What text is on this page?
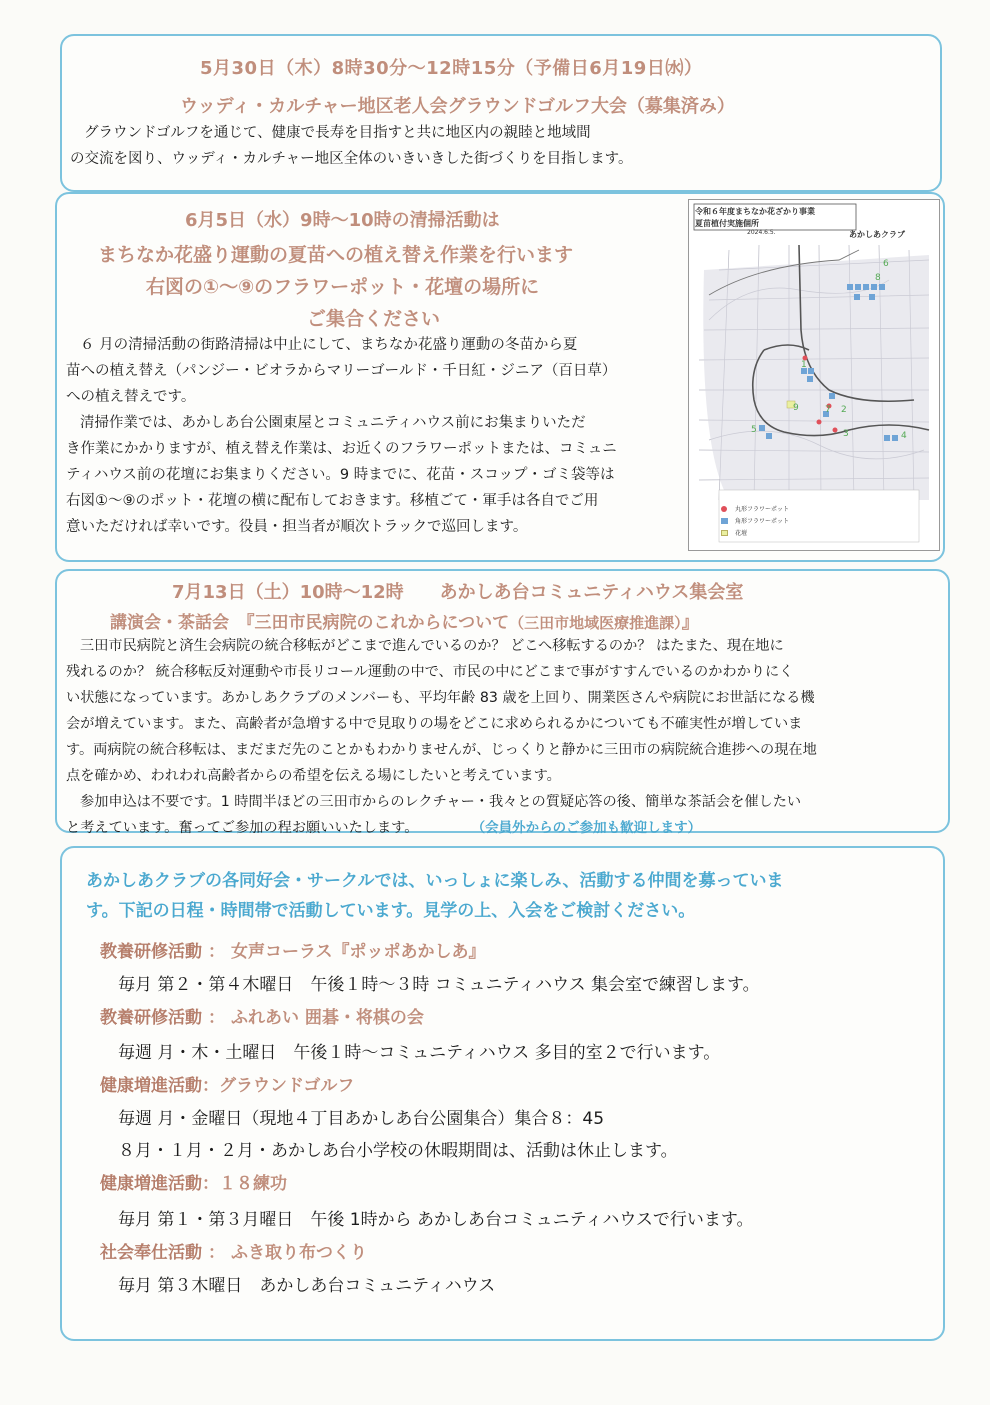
5月30日（木）8時30分〜12時15分（予備日6月19日㈬）
ウッディ・カルチャー地区老人会グラウンドゴルフ大会（募集済み）
グラウンドゴルフを通じて、健康で長寿を目指すと共に地区内の親睦と地域間
の交流を図り、ウッディ・カルチャー地区全体のいきいきした街づくりを目指します。
6月5日（水）9時〜10時の清掃活動は
まちなか花盛り運動の夏苗への植え替え作業を行います
右図の①〜⑨のフラワーポット・花壇の場所に
ご集合ください
６ 月の清掃活動の街路清掃は中止にして、まちなか花盛り運動の冬苗から夏
苗への植え替え（パンジー・ビオラからマリーゴールド・千日紅・ジニア（百日草）
への植え替えです。
清掃作業では、あかしあ台公園東屋とコミュニティハウス前にお集まりいただ
き作業にかかりますが、植え替え作業は、お近くのフラワーポットまたは、コミュニ
ティハウス前の花壇にお集まりください。9 時までに、花苗・スコップ・ゴミ袋等は
右図①〜⑨のポット・花壇の横に配布しておきます。移植ごて・軍手は各自でご用
意いただければ幸いです。役員・担当者が順次トラックで巡回します。
6
8
1
2
7
9
3	4
5
令和６年度まちなか花ざかり事業
夏苗植付実施個所
2024.6.5.	あかしあクラブ
丸形フラワーポット
角形フラワーポット
花壇
7月13日（土）10時〜12時　　あかしあ台コミュニティハウス集会室
講演会・茶話会　『三田市民病院のこれからについて（三田市地域医療推進課）』
三田市民病院と済生会病院の統合移転がどこまで進んでいるのか？ どこへ移転するのか？ はたまた、現在地に
残れるのか？ 統合移転反対運動や市長リコール運動の中で、市民の中にどこまで事がすすんでいるのかわかりにく
い状態になっています。あかしあクラブのメンバーも、平均年齢 83 歳を上回り、開業医さんや病院にお世話になる機
会が増えています。また、高齢者が急増する中で見取りの場をどこに求められるかについても不確実性が増していま
す。両病院の統合移転は、まだまだ先のことかもわかりませんが、じっくりと静かに三田市の病院統合進捗への現在地
点を確かめ、われわれ高齢者からの希望を伝える場にしたいと考えています。
参加申込は不要です。1 時間半ほどの三田市からのレクチャー・我々との質疑応答の後、簡単な茶話会を催したい
と考えています。奮ってご参加の程お願いいたします。	（会員外からのご参加も歓迎します）
あかしあクラブの各同好会・サークルでは、いっしょに楽しみ、活動する仲間を募っていま
す。下記の日程・時間帯で活動しています。見学の上、入会をご検討ください。
教養研修活動 ： 女声コーラス『ポッポあかしあ』
毎月 第２・第４木曜日　午後１時〜３時 コミュニティハウス 集会室で練習します。
教養研修活動 ： ふれあい 囲碁・将棋の会
毎週 月・木・土曜日　午後１時〜コミュニティハウス 多目的室２で行います。
健康増進活動：グラウンドゴルフ
毎週 月・金曜日（現地４丁目あかしあ台公園集合）集合８：45
８月・１月・２月・あかしあ台小学校の休暇期間は、活動は休止します。
健康増進活動：１８練功
毎月 第１・第３月曜日　午後 1時から あかしあ台コミュニティハウスで行います。
社会奉仕活動 ： ふき取り布つくり
毎月 第３木曜日　あかしあ台コミュニティハウス
